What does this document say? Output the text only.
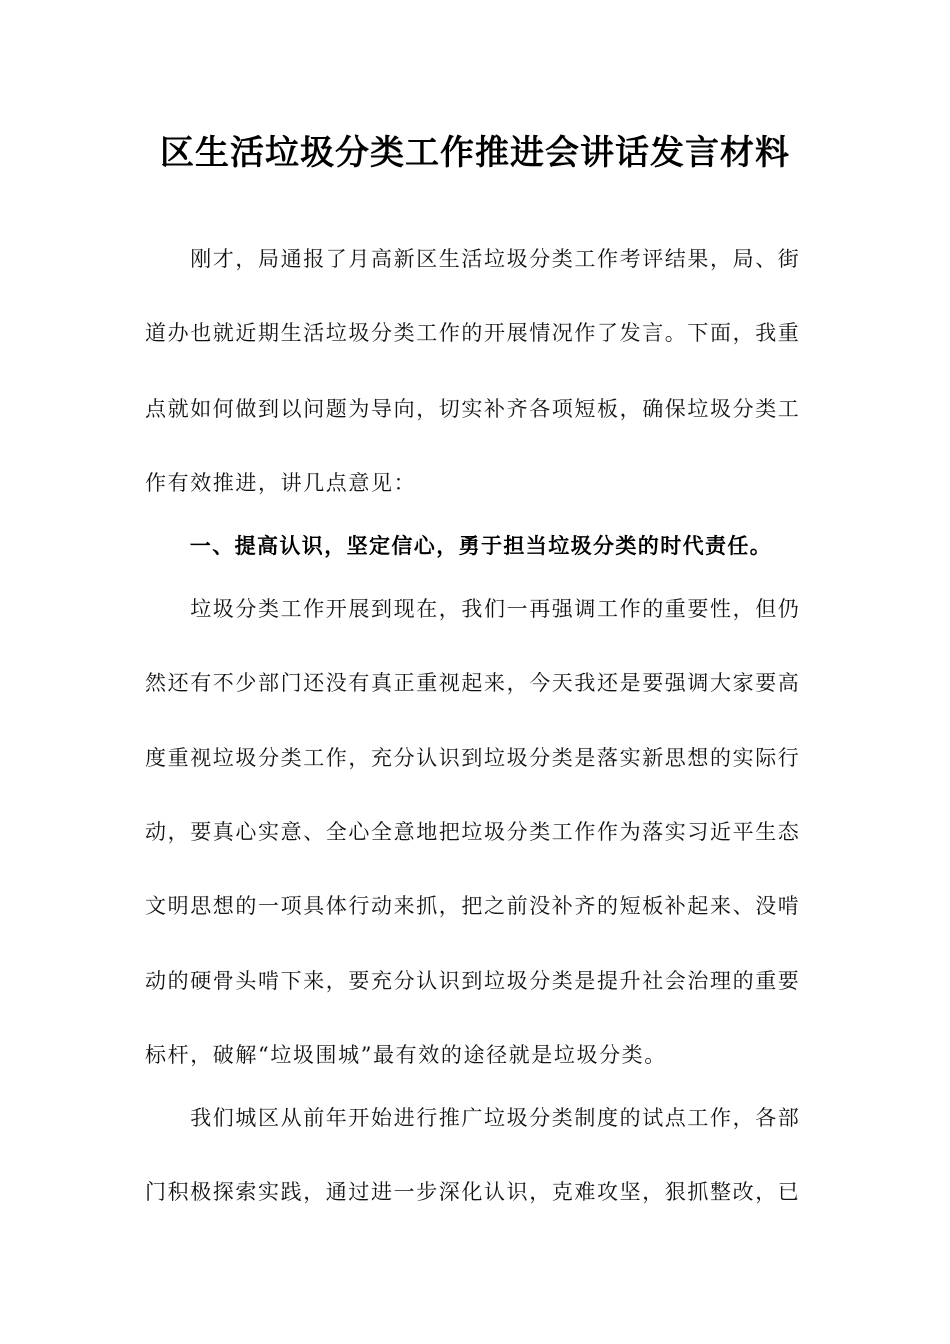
区生活垃圾分类工作推进会讲话发言材料

　　刚才，局通报了月高新区生活垃圾分类工作考评结果，局、街

道办也就近期生活垃圾分类工作的开展情况作了发言。下面，我重

点就如何做到以问题为导向，切实补齐各项短板，确保垃圾分类工

作有效推进，讲几点意见：

　　一、提高认识，坚定信心，勇于担当垃圾分类的时代责任。

　　垃圾分类工作开展到现在，我们一再强调工作的重要性，但仍

然还有不少部门还没有真正重视起来，今天我还是要强调大家要高

度重视垃圾分类工作，充分认识到垃圾分类是落实新思想的实际行

动，要真心实意、全心全意地把垃圾分类工作作为落实习近平生态

文明思想的一项具体行动来抓，把之前没补齐的短板补起来、没啃

动的硬骨头啃下来，要充分认识到垃圾分类是提升社会治理的重要

标杆，破解“垃圾围城”最有效的途径就是垃圾分类。

　　我们城区从前年开始进行推广垃圾分类制度的试点工作，各部

门积极探索实践，通过进一步深化认识，克难攻坚，狠抓整改，已
